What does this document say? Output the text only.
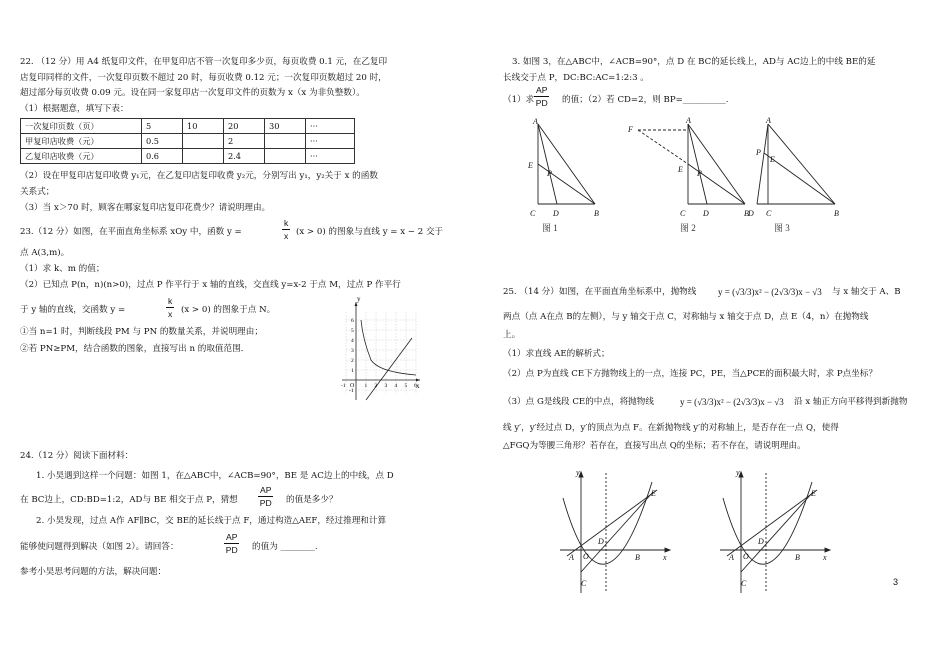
22. （12 分）用 A4 纸复印文件，在甲复印店不管一次复印多少页，每页收费 0.1 元，在乙复印
店复印同样的文件，一次复印页数不超过 20 时，每页收费 0.12 元；一次复印页数超过 20 时，
超过部分每页收费 0.09 元。设在同一家复印店一次复印文件的页数为 x（x 为非负整数）。
（1）根据题意，填写下表：
一次复印页数（页）	5	10	20	30	···
甲复印店收费（元）	0.5		2		···
乙复印店收费（元）	0.6		2.4		···
（2）设在甲复印店复印收费 y₁元，在乙复印店复印收费 y₂元，分别写出 y₁，y₂关于 x 的函数
关系式；
（3）当 x＞70 时，顾客在哪家复印店复印花费少？请说明理由。
23.（12 分）如图，在平面直角坐标系 xOy 中，函数 y =	$\frac{k}{x} (x > 0)$ 的图象与直线 y = x − 2 交于
点 A(3,m)。
（1）求 k、m 的值；
（2）已知点 P(n，n)(n>0)，过点 P 作平行于 x 轴的直线，交直线 y=x-2 于点 M，过点 P 作平行
于 y 轴的直线，交函数 y =	$\frac{k}{x} (x > 0)$ 的图象于点 N。
①当 n=1 时，判断线段 PM 与 PN 的数量关系，并说明理由；
②若 PN≥PM，结合函数的图象，直接写出 n 的取值范围．
y
x
O
-1	1 2 3 4 5 6
6
5
4
3
2
1
-1
24.（12 分）阅读下面材料：
1. 小昊遇到这样一个问题：如图 1，在△ABC中，∠ACB=90°，BE 是 AC边上的中线，点 D
在 BC边上，CD:BD=1:2，AD与 BE 相交于点 P，猜想 $\frac{AP}{PD}$ 的值是多少？
2. 小昊发现，过点 A作 AF∥BC，交 BE的延长线于点 F，通过构造△AEF，经过推理和计算
能够使问题得到解决（如图 2）。请回答：	$\frac{AP}{PD}$ 的值为 ________.
参考小昊思考问题的方法，解决问题：
3. 如图 3，在△ABC中，∠ACB=90°，点 D 在 BC的延长线上，AD与 AC边上的中线 BE的延
长线交于点 P，DC:BC:AC=1:2:3 。
（1）求 $\frac{AP}{PD}$ 的值；（2）若 CD=2，则 BP=__________.
A
E
P
C D	B
F
A
E P
C D	B
A
P
E
D C	B
图 1	图 2	图 3
25. （14 分）如图，在平面直角坐标系中，抛物线 y = (√3/3)x² − (2√3/3)x − √3 与 x 轴交于 A、B
两点（点 A在点 B的左侧），与 y 轴交于点 C，对称轴与 x 轴交于点 D，点 E（4，n）在抛物线
上。
（1）求直线 AE的解析式；
（2）点 P为直线 CE下方抛物线上的一点，连接 PC，PE，当△PCE的面积最大时，求 P点坐标？
（3）点 G是线段 CE的中点，将抛物线	y = (√3/3)x² − (2√3/3)x − √3 沿 x 轴正方向平移得到新抛物
线 y′，y′经过点 D，y′的顶点为点 F。在新抛物线 y′的对称轴上，是否存在一点 Q，使得
△FGQ为等腰三角形？若存在，直接写出点 Q的坐标；若不存在，请说明理由。
y
x
A O
D
B
C
E
y
x
A O
D
B
C
E
3
